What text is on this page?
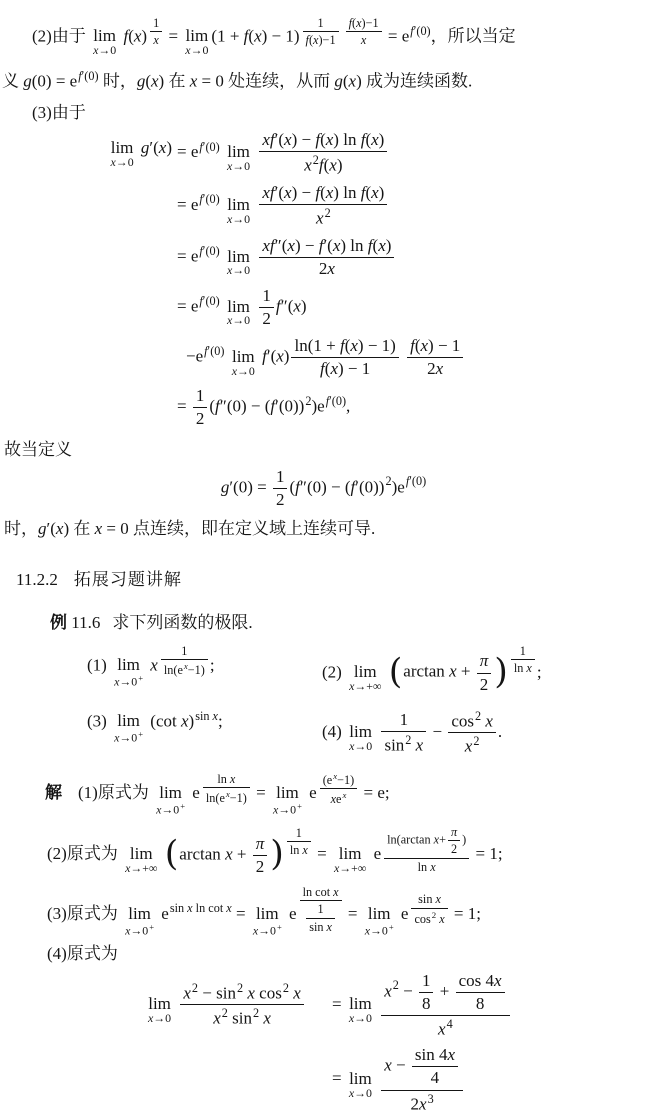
(2)由于 lim
x→0
f(x) $^{\frac{1}{x}}$ = lim
x→0
(1 + f(x) − 1) $^{\frac{1}{f(x)-1} \frac{f(x)-1}{x}} = e^{f'(0)}$，所以当定
义 $g(0) = e^{f'(0)}$ 时，g(x) 在 x = 0 处连续，从而 g(x) 成为连续函数.
(3)由于
lim
x→0
$g'(x) = e^{f'(0)}$ lim
x→0
$\frac{\text{xf′(x) − f(x) ln f(x)}}{x^2f(x)}$
= $e^{f'(0)}$ lim
x→0
$\frac{\text{xf′(x) − f(x) ln f(x)}}{x^2}$
= $e^{f'(0)}$ lim
x→0
$\frac{\text{xf″(x) − f′(x) ln f(x)}}{2x}$
= $e^{f'(0)}$ lim
x→0
$\frac{1}{2} f''(x)$
$-e^{f'(0)}$ lim
x→0
$f'(x) \frac{\ln(1 + f(x) - 1)}{f(x) - 1}$
$\frac{f(x) - 1}{2x}$
= $\frac{1}{2} (f''(0) - (f'(0))^2)e^{f'(0)}$,
故当定义
$g'(0) = \frac{1}{2} (f''(0) - (f'(0))^2)e^{f'(0)}$
时，g′(x) 在 x = 0 点连续，即在定义域上连续可导.
11.2.2 拓展习题讲解
例 11.6 求下列函数的极限.
(1) lim
x→0+
x $^{\frac{1}{\ln(e^x-1)}}$ ;	(2) lim
x→+∞
( $\arctan x + \frac{\pi}{2}$ ) $^{\frac{1}{\text{ln x}}}$ ;
(3) lim
x→0+
(cot x)$^{sin x}$;
(4) lim
x→0
$\frac{1}{\sin^2 x} - \frac{\cos^2 x}{x^2}$ .
解 (1)原式为 lim
x→0+
e $^{\frac{\text{ln x}}{\ln(e^x-1)}}$ = lim
x→0+
e $^{\frac{(e^x-1)}{xe^x}}$ = e;
(2)原式为 lim
x→+∞
( $\arctan x + \frac{\pi}{2}$ ) $^{\frac{1}{\text{ln x}}}$ = lim
x→+∞
e $^{\frac{\ln(\arctan x+ \frac{\pi}{2} )}{\text{ln x}}}$ = 1;
(3)原式为 lim
x→0+
$e^{sin x ln cot x} = \lim$
x→0+
e $^{\frac{\text{ln cot x}}{\frac{1}{\text{sin x}}}}$ = lim
x→0+
e $^{\frac{\text{sin x}}{\cos^2 x}}$ = 1;
(4)原式为
lim
x→0
$\frac{x^2 - \sin^2 x \cos^2 x}{x^2 \sin^2 x} = \lim$
x→0
$\frac{x^2 - \frac{1}{8} + \frac{\cos 4x}{8}}{x^4}$
= lim
x→0
$\frac{x - \frac{\sin 4x}{4}}{2x^3}$
